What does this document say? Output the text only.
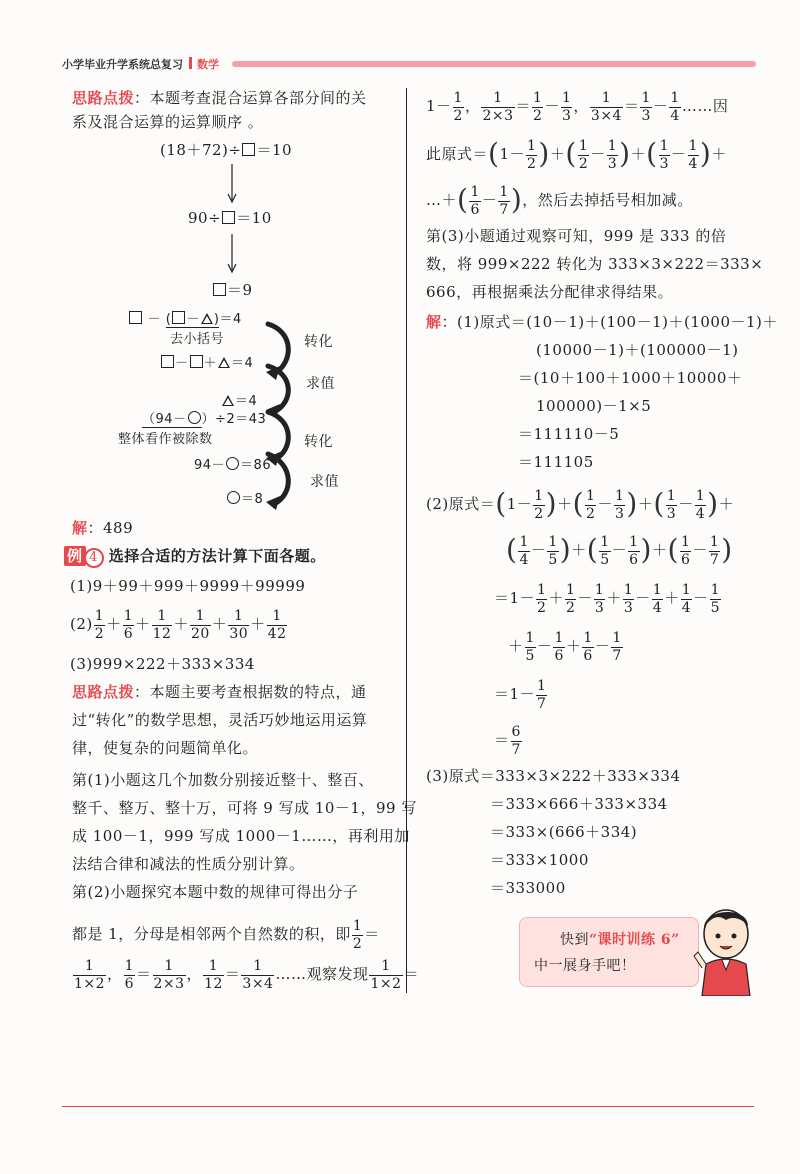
小学毕业升学系统总复习 数学
思路点拨：本题考查混合运算各部分间的关
系及混合运算的运算顺序 。
(18＋72)÷ ＝10
90÷ ＝10
＝9
－ ( － )＝4
去小括号
－ ＋ ＝4
＝4
（94－ ）÷2＝43
整体看作被除数
94－ ＝86
＝8
转化
求值
转化
求值
解：489
例 4 选择合适的方法计算下面各题。
(1)9＋99＋999＋9999＋99999
$(2) \frac{1}{2} + \frac{1}{6} + \frac{1}{12} + \frac{1}{20} + \frac{1}{30} + \frac{1}{42}$
(3)999×222＋333×334
思路点拨：本题主要考查根据数的特点，通
过“转化”的数学思想，灵活巧妙地运用运算
律，使复杂的问题简单化。
第(1)小题这几个加数分别接近整十、整百、
整千、整万、整十万，可将 9 写成 10－1，99 写
成 100－1，999 写成 1000－1……，再利用加
法结合律和减法的性质分别计算。
第(2)小题探究本题中数的规律可得出分子
都是 1，分母是相邻两个自然数的积，即 $\frac{1}{2}$ ＝
$\frac{1}{1\times 2}$ ， $\frac{1}{6} = \frac{1}{2\times 3}$ ， $\frac{1}{12} = \frac{1}{3\times 4}$ ……观察发现 $\frac{1}{1\times 2}$ ＝
$1- \frac{1}{2}$ ， $\frac{1}{2\times 3} = \frac{1}{2} - \frac{1}{3}$ ， $\frac{1}{3\times 4} = \frac{1}{3} - \frac{1}{4}$ ……因
此原式$=(1- \frac{1}{2}$ )＋( $\frac{1}{2} - \frac{1}{3}$ )＋( $\frac{1}{3} - \frac{1}{4}$ )＋
…＋( $\frac{1}{6} - \frac{1}{7}$ )，然后去掉括号相加减。
第(3)小题通过观察可知，999 是 333 的倍
数，将 999×222 转化为 333×3×222＝333×
666，再根据乘法分配律求得结果。
解：(1)原式＝(10－1)＋(100－1)＋(1000－1)＋
(10000－1)＋(100000－1)
＝(10＋100＋1000＋10000＋
100000)－1×5
＝111110－5
＝111105
(2)原式$=(1- \frac{1}{2}$ )＋( $\frac{1}{2} - \frac{1}{3}$ )＋( $\frac{1}{3} - \frac{1}{4}$ )＋
( $\frac{1}{4} - \frac{1}{5}$ )＋( $\frac{1}{5} - \frac{1}{6}$ )＋( $\frac{1}{6} - \frac{1}{7}$ )
$=1- \frac{1}{2} + \frac{1}{2} - \frac{1}{3} + \frac{1}{3} - \frac{1}{4} + \frac{1}{4} - \frac{1}{5}$
＋ $\frac{1}{5} - \frac{1}{6} + \frac{1}{6} - \frac{1}{7}$
$=1- \frac{1}{7}$
＝ $\frac{6}{7}$
(3)原式＝333×3×222＋333×334
＝333×666＋333×334
＝333×(666＋334)
＝333×1000
＝333000
快到“课时训练 6”
中一展身手吧！
